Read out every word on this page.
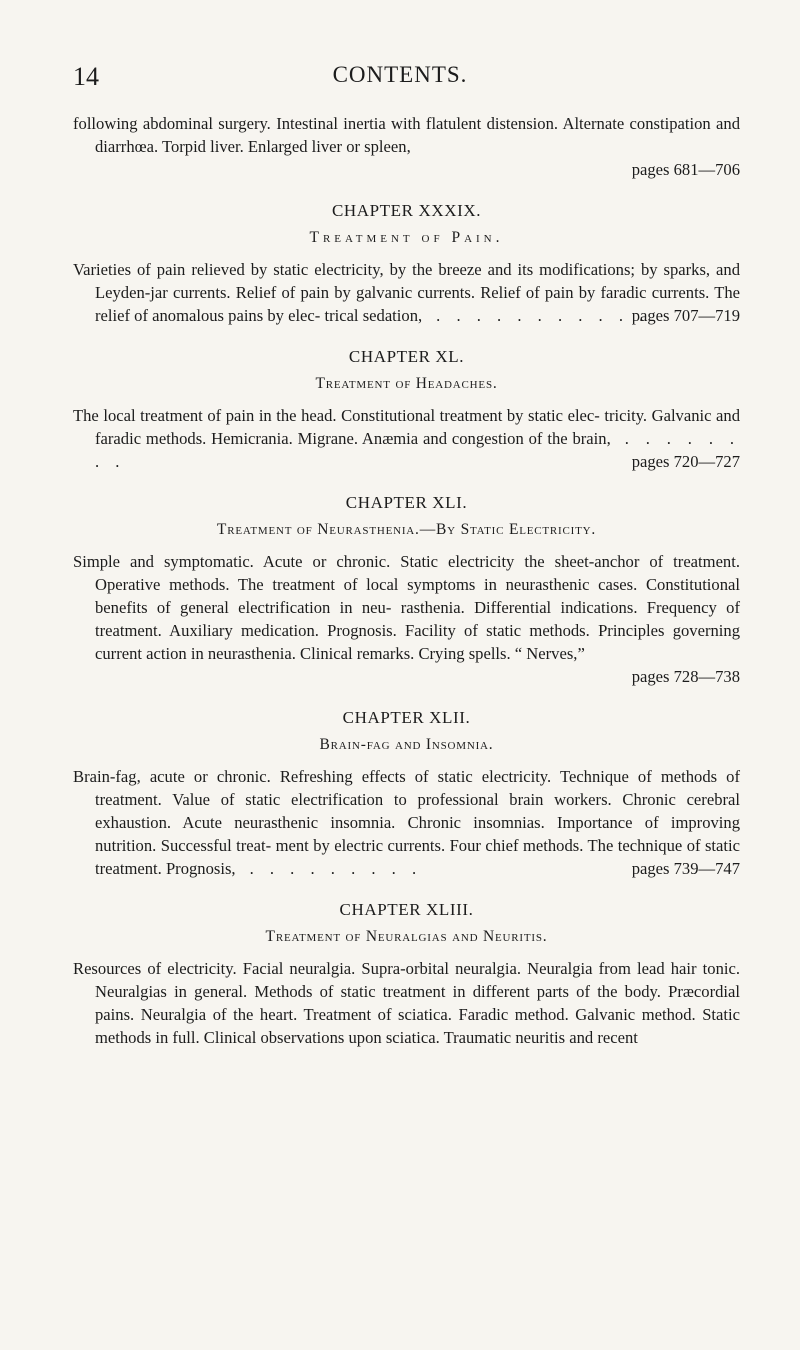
14	CONTENTS.

following abdominal surgery. Intestinal inertia with flatulent distension. Alternate constipation and diarrhœa. Torpid liver. Enlarged liver or spleen,

pages 681—706

CHAPTER XXXIX.
Treatment of Pain.
Varieties of pain relieved by static electricity, by the breeze and its modifications; by sparks, and Leyden-jar currents. Relief of pain by galvanic currents. Relief of pain by faradic currents. The relief of anomalous pains by elec- trical sedation, . . . . . . . . . . .
pages 707—719
CHAPTER XL.
Treatment of Headaches.
The local treatment of pain in the head. Constitutional treatment by static elec- tricity. Galvanic and faradic methods. Hemicrania. Migrane. Anæmia and congestion of the brain, . . . . . . . .	pages 720—727
CHAPTER XLI.
Treatment of Neurasthenia.—By Static Electricity.

Simple and symptomatic. Acute or chronic. Static electricity the sheet-anchor of treatment. Operative methods. The treatment of local symptoms in neurasthenic cases. Constitutional benefits of general electrification in neu- rasthenia. Differential indications. Frequency of treatment. Auxiliary medication. Prognosis. Facility of static methods. Principles governing current action in neurasthenia. Clinical remarks. Crying spells. “ Nerves,”

pages 728—738

CHAPTER XLII.
Brain-fag and Insomnia.
Brain-fag, acute or chronic. Refreshing effects of static electricity. Technique of methods of treatment. Value of static electrification to professional brain workers. Chronic cerebral exhaustion. Acute neurasthenic insomnia. Chronic insomnias. Importance of improving nutrition. Successful treat- ment by electric currents. Four chief methods. The technique of static treatment. Prognosis, . . . . . . . . .	pages 739—747
CHAPTER XLIII.
Treatment of Neuralgias and Neuritis.

Resources of electricity. Facial neuralgia. Supra-orbital neuralgia. Neuralgia from lead hair tonic. Neuralgias in general. Methods of static treatment in different parts of the body. Præcordial pains. Neuralgia of the heart. Treatment of sciatica. Faradic method. Galvanic method. Static methods in full. Clinical observations upon sciatica. Traumatic neuritis and recent
